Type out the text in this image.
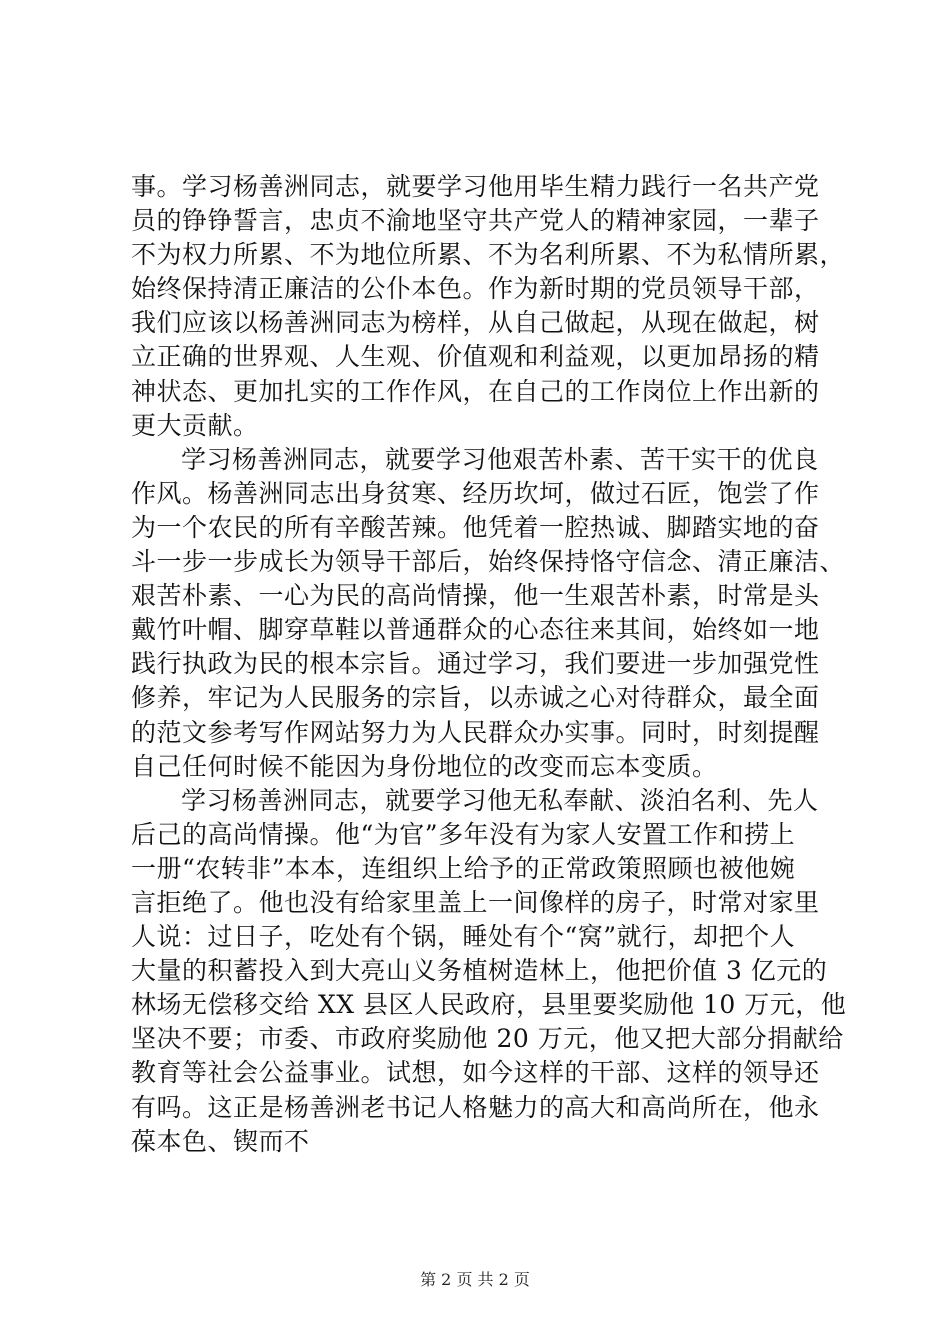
事。学习杨善洲同志，就要学习他用毕生精力践行一名共产党
员的铮铮誓言，忠贞不渝地坚守共产党人的精神家园，一辈子
不为权力所累、不为地位所累、不为名利所累、不为私情所累，
始终保持清正廉洁的公仆本色。作为新时期的党员领导干部，
我们应该以杨善洲同志为榜样，从自己做起，从现在做起，树
立正确的世界观、人生观、价值观和利益观，以更加昂扬的精
神状态、更加扎实的工作作风，在自己的工作岗位上作出新的
更大贡献。
学习杨善洲同志，就要学习他艰苦朴素、苦干实干的优良
作风。杨善洲同志出身贫寒、经历坎坷，做过石匠，饱尝了作
为一个农民的所有辛酸苦辣。他凭着一腔热诚、脚踏实地的奋
斗一步一步成长为领导干部后，始终保持恪守信念、清正廉洁、
艰苦朴素、一心为民的高尚情操，他一生艰苦朴素，时常是头
戴竹叶帽、脚穿草鞋以普通群众的心态往来其间，始终如一地
践行执政为民的根本宗旨。通过学习，我们要进一步加强党性
修养，牢记为人民服务的宗旨，以赤诚之心对待群众，最全面
的范文参考写作网站努力为人民群众办实事。同时，时刻提醒
自己任何时候不能因为身份地位的改变而忘本变质。
学习杨善洲同志，就要学习他无私奉献、淡泊名利、先人
后己的高尚情操。他“为官”多年没有为家人安置工作和捞上
一册“农转非”本本，连组织上给予的正常政策照顾也被他婉
言拒绝了。他也没有给家里盖上一间像样的房子，时常对家里
人说：过日子，吃处有个锅，睡处有个“窝”就行，却把个人
大量的积蓄投入到大亮山义务植树造林上，他把价值 3 亿元的
林场无偿移交给 XX 县区人民政府，县里要奖励他 10 万元，他
坚决不要；市委、市政府奖励他 20 万元，他又把大部分捐献给
教育等社会公益事业。试想，如今这样的干部、这样的领导还
有吗。这正是杨善洲老书记人格魅力的高大和高尚所在，他永
葆本色、锲而不
第 2 页 共 2 页
